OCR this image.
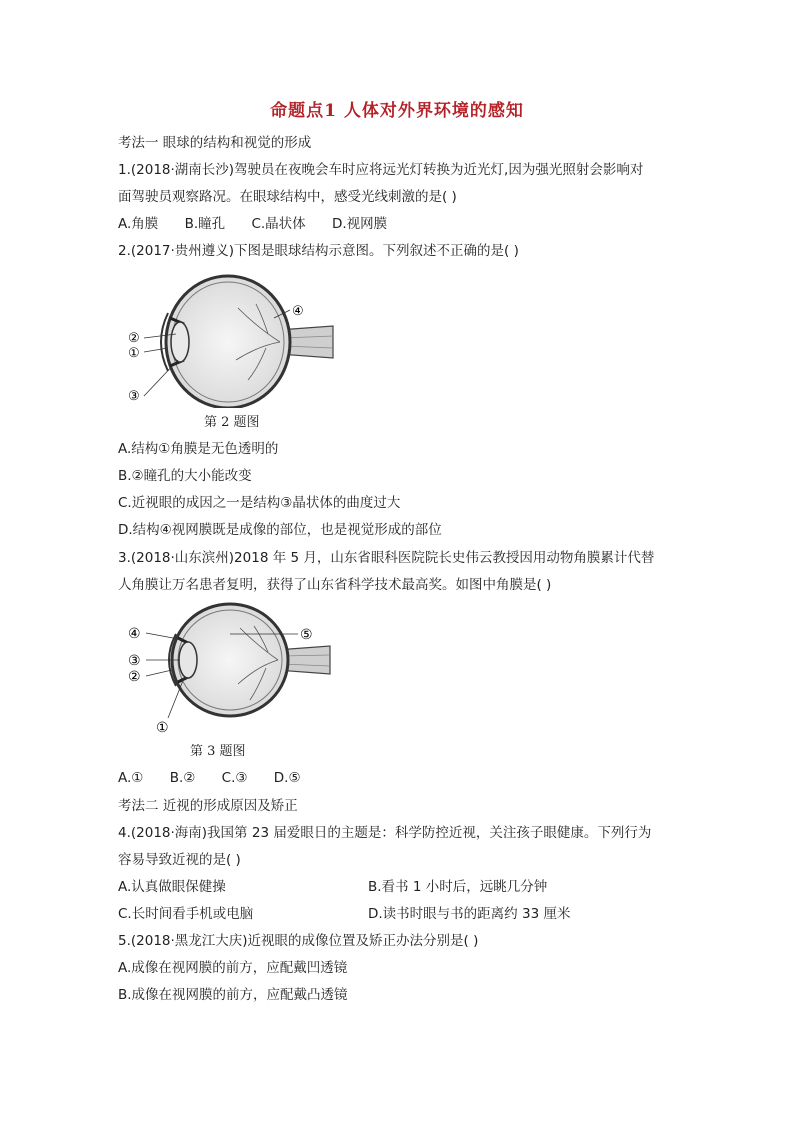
命题点1 人体对外界环境的感知
考法一 眼球的结构和视觉的形成
1.(2018·湖南长沙)驾驶员在夜晚会车时应将远光灯转换为近光灯,因为强光照射会影响对
面驾驶员观察路况。在眼球结构中，感受光线刺激的是( )
A.角膜 B.瞳孔 C.晶状体 D.视网膜
2.(2017·贵州遵义)下图是眼球结构示意图。下列叙述不正确的是( )
②
①
③
④
第 2 题图
A.结构①角膜是无色透明的
B.②瞳孔的大小能改变
C.近视眼的成因之一是结构③晶状体的曲度过大
D.结构④视网膜既是成像的部位，也是视觉形成的部位
3.(2018·山东滨州)2018 年 5 月，山东省眼科医院院长史伟云教授因用动物角膜累计代替
人角膜让万名患者复明，获得了山东省科学技术最高奖。如图中角膜是( )
④
③
②
①
⑤
第 3 题图
A.① B.② C.③ D.⑤
考法二 近视的形成原因及矫正
4.(2018·海南)我国第 23 届爱眼日的主题是：科学防控近视，关注孩子眼健康。下列行为
容易导致近视的是( )
A.认真做眼保健操	B.看书 1 小时后，远眺几分钟
C.长时间看手机或电脑	D.读书时眼与书的距离约 33 厘米
5.(2018·黑龙江大庆)近视眼的成像位置及矫正办法分别是( )
A.成像在视网膜的前方，应配戴凹透镜
B.成像在视网膜的前方，应配戴凸透镜
